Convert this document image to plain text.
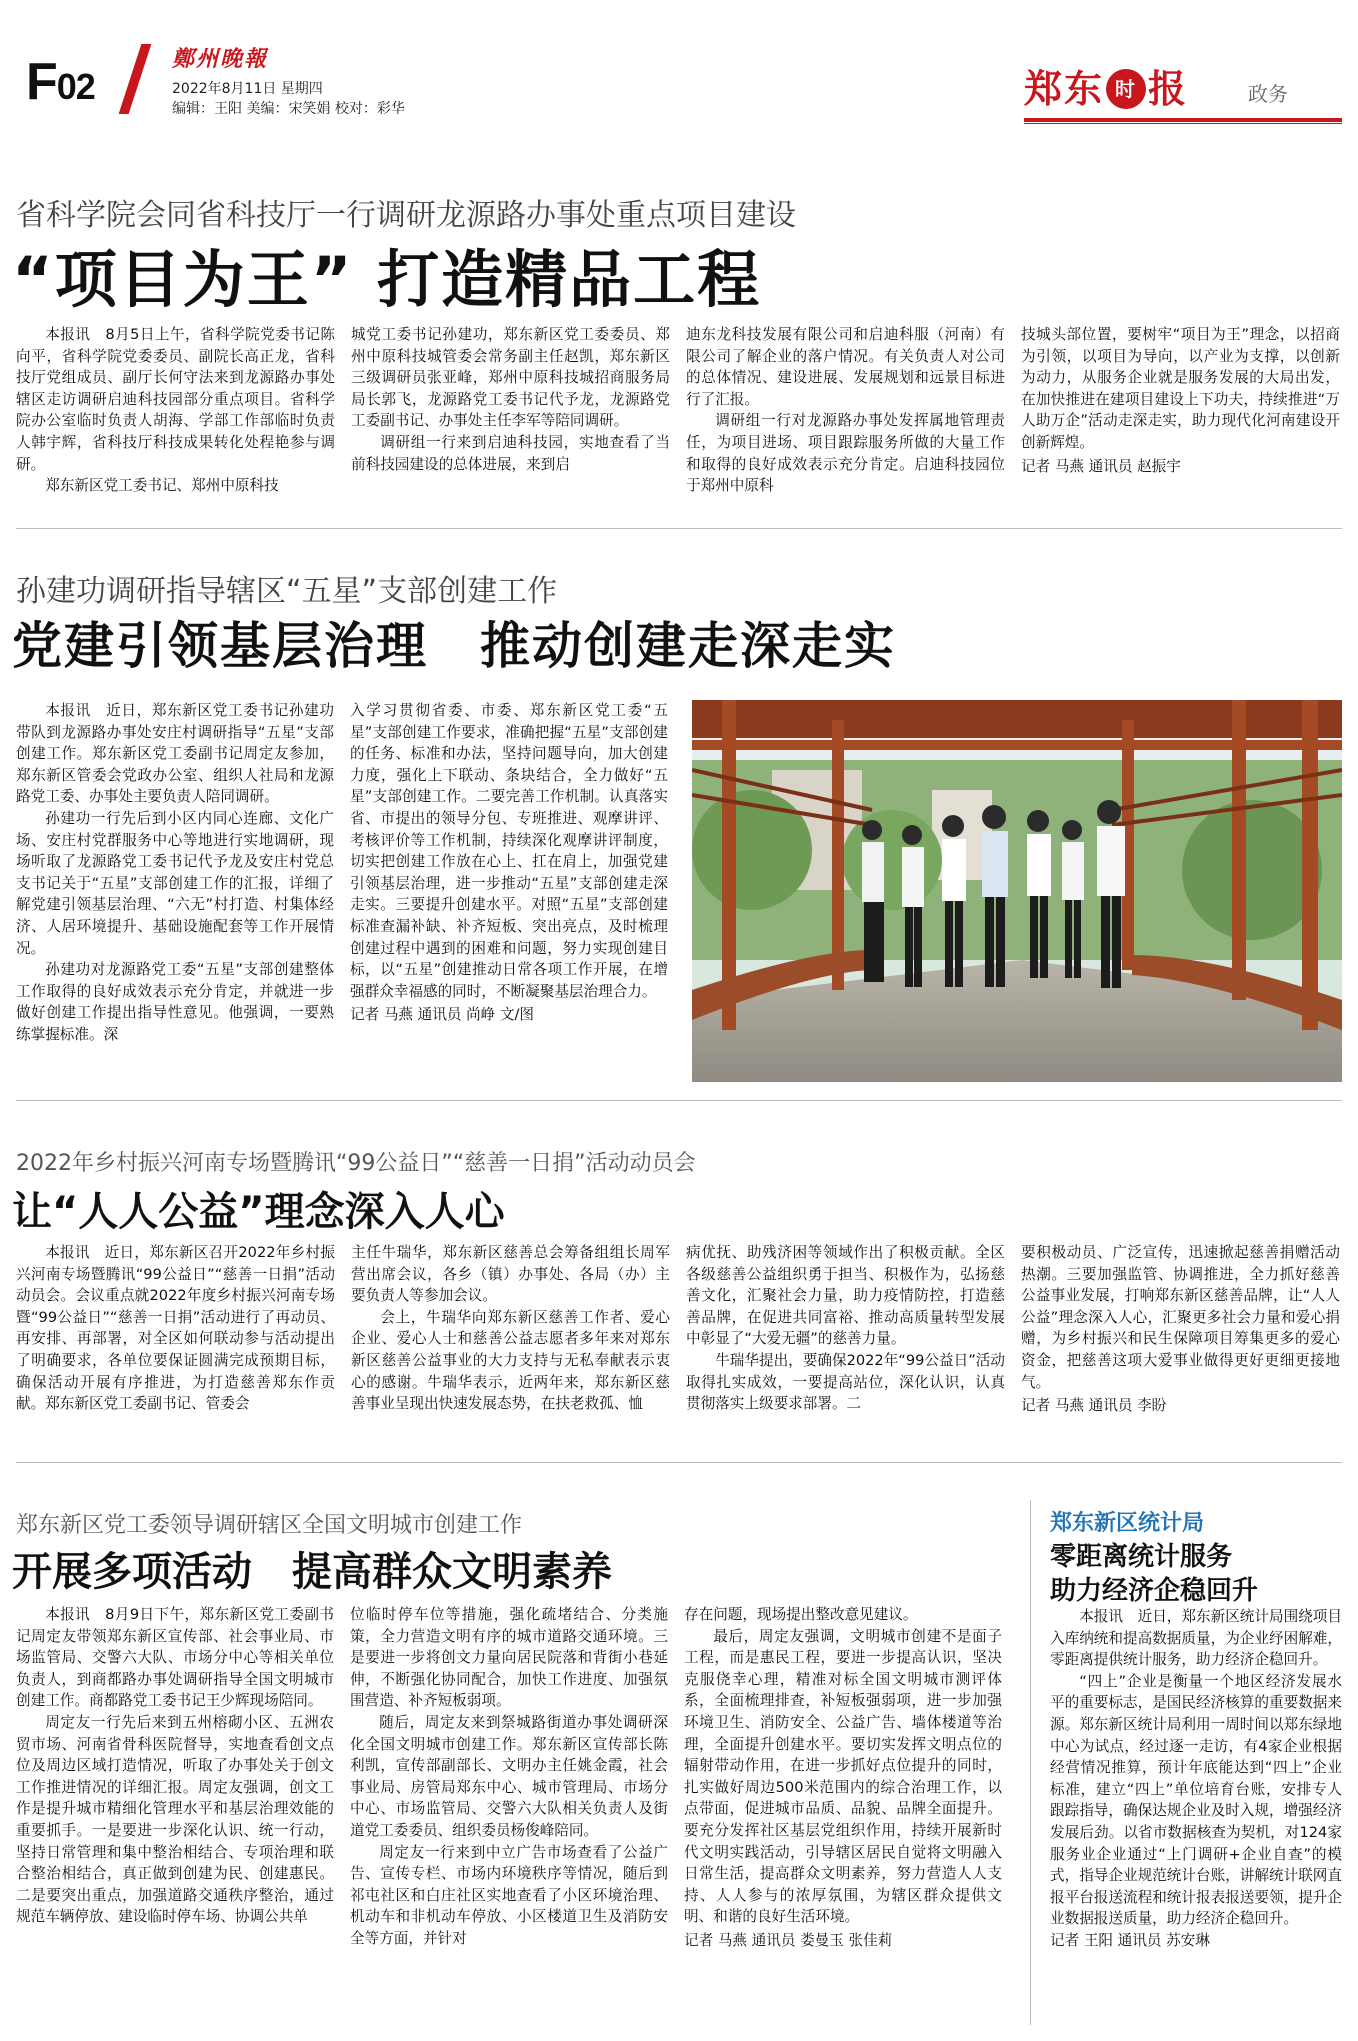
F02
鄭州晚報
2022年8月11日 星期四
编辑：王阳 美编：宋笑娟 校对：彩华	郑东 时 报	政务
省科学院会同省科技厅一行调研龙源路办事处重点项目建设
“项目为王” 打造精品工程

本报讯　8月5日上午，省科学院党委书记陈向平，省科学院党委委员、副院长高正龙，省科技厅党组成员、副厅长何守法来到龙源路办事处辖区走访调研启迪科技园部分重点项目。省科学院办公室临时负责人胡海、学部工作部临时负责人韩宇辉，省科技厅科技成果转化处程艳参与调研。

郑东新区党工委书记、郑州中原科技

城党工委书记孙建功，郑东新区党工委委员、郑州中原科技城管委会常务副主任赵凯，郑东新区三级调研员张亚峰，郑州中原科技城招商服务局局长郭飞，龙源路党工委书记代予龙，龙源路党工委副书记、办事处主任李军等陪同调研。

调研组一行来到启迪科技园，实地查看了当前科技园建设的总体进展，来到启

迪东龙科技发展有限公司和启迪科服（河南）有限公司了解企业的落户情况。有关负责人对公司的总体情况、建设进展、发展规划和远景目标进行了汇报。

调研组一行对龙源路办事处发挥属地管理责任，为项目进场、项目跟踪服务所做的大量工作和取得的良好成效表示充分肯定。启迪科技园位于郑州中原科

技城头部位置，要树牢“项目为王”理念，以招商为引领，以项目为导向，以产业为支撑，以创新为动力，从服务企业就是服务发展的大局出发，在加快推进在建项目建设上下功夫，持续推进“万人助万企”活动走深走实，助力现代化河南建设开创新辉煌。

记者 马燕 通讯员 赵振宇

孙建功调研指导辖区“五星”支部创建工作
党建引领基层治理　推动创建走深走实

本报讯　近日，郑东新区党工委书记孙建功带队到龙源路办事处安庄村调研指导“五星”支部创建工作。郑东新区党工委副书记周定友参加，郑东新区管委会党政办公室、组织人社局和龙源路党工委、办事处主要负责人陪同调研。

孙建功一行先后到小区内同心连廊、文化广场、安庄村党群服务中心等地进行实地调研，现场听取了龙源路党工委书记代予龙及安庄村党总支书记关于“五星”支部创建工作的汇报，详细了解党建引领基层治理、“六无”村打造、村集体经济、人居环境提升、基础设施配套等工作开展情况。

孙建功对龙源路党工委“五星”支部创建整体工作取得的良好成效表示充分肯定，并就进一步做好创建工作提出指导性意见。他强调，一要熟练掌握标准。深

入学习贯彻省委、市委、郑东新区党工委“五星”支部创建工作要求，准确把握“五星”支部创建的任务、标准和办法，坚持问题导向，加大创建力度，强化上下联动、条块结合，全力做好“五星”支部创建工作。二要完善工作机制。认真落实省、市提出的领导分包、专班推进、观摩讲评、考核评价等工作机制，持续深化观摩讲评制度，切实把创建工作放在心上、扛在肩上，加强党建引领基层治理，进一步推动“五星”支部创建走深走实。三要提升创建水平。对照“五星”支部创建标准查漏补缺、补齐短板、突出亮点，及时梳理创建过程中遇到的困难和问题，努力实现创建目标，以“五星”创建推动日常各项工作开展，在增强群众幸福感的同时，不断凝聚基层治理合力。

记者 马燕 通讯员 尚峥 文/图

2022年乡村振兴河南专场暨腾讯“99公益日”“慈善一日捐”活动动员会
让“人人公益”理念深入人心

本报讯　近日，郑东新区召开2022年乡村振兴河南专场暨腾讯“99公益日”“慈善一日捐”活动动员会。会议重点就2022年度乡村振兴河南专场暨“99公益日”“慈善一日捐”活动进行了再动员、再安排、再部署，对全区如何联动参与活动提出了明确要求，各单位要保证圆满完成预期目标，确保活动开展有序推进，为打造慈善郑东作贡献。郑东新区党工委副书记、管委会

主任牛瑞华，郑东新区慈善总会筹备组组长周军营出席会议，各乡（镇）办事处、各局（办）主要负责人等参加会议。

会上，牛瑞华向郑东新区慈善工作者、爱心企业、爱心人士和慈善公益志愿者多年来对郑东新区慈善公益事业的大力支持与无私奉献表示衷心的感谢。牛瑞华表示，近两年来，郑东新区慈善事业呈现出快速发展态势，在扶老救孤、恤

病优抚、助残济困等领域作出了积极贡献。全区各级慈善公益组织勇于担当、积极作为，弘扬慈善文化，汇聚社会力量，助力疫情防控，打造慈善品牌，在促进共同富裕、推动高质量转型发展中彰显了“大爱无疆”的慈善力量。

牛瑞华提出，要确保2022年“99公益日”活动取得扎实成效，一要提高站位，深化认识，认真贯彻落实上级要求部署。二

要积极动员、广泛宣传，迅速掀起慈善捐赠活动热潮。三要加强监管、协调推进，全力抓好慈善公益事业发展，打响郑东新区慈善品牌，让“人人公益”理念深入人心，汇聚更多社会力量和爱心捐赠，为乡村振兴和民生保障项目筹集更多的爱心资金，把慈善这项大爱事业做得更好更细更接地气。

记者 马燕 通讯员 李盼

郑东新区党工委领导调研辖区全国文明城市创建工作
开展多项活动　提高群众文明素养

本报讯　8月9日下午，郑东新区党工委副书记周定友带领郑东新区宣传部、社会事业局、市场监管局、交警六大队、市场分中心等相关单位负责人，到商都路办事处调研指导全国文明城市创建工作。商都路党工委书记王少辉现场陪同。

周定友一行先后来到五州榕砌小区、五洲农贸市场、河南省骨科医院督导，实地查看创文点位及周边区域打造情况，听取了办事处关于创文工作推进情况的详细汇报。周定友强调，创文工作是提升城市精细化管理水平和基层治理效能的重要抓手。一是要进一步深化认识、统一行动，坚持日常管理和集中整治相结合、专项治理和联合整治相结合，真正做到创建为民、创建惠民。二是要突出重点，加强道路交通秩序整治，通过规范车辆停放、建设临时停车场、协调公共单

位临时停车位等措施，强化疏堵结合、分类施策，全力营造文明有序的城市道路交通环境。三是要进一步将创文力量向居民院落和背街小巷延伸，不断强化协同配合，加快工作进度、加强氛围营造、补齐短板弱项。

随后，周定友来到祭城路街道办事处调研深化全国文明城市创建工作。郑东新区宣传部长陈利凯，宣传部副部长、文明办主任姚金霞，社会事业局、房管局郑东中心、城市管理局、市场分中心、市场监管局、交警六大队相关负责人及街道党工委委员、组织委员杨俊峰陪同。

周定友一行来到中立广告市场查看了公益广告、宣传专栏、市场内环境秩序等情况，随后到祁屯社区和白庄社区实地查看了小区环境治理、机动车和非机动车停放、小区楼道卫生及消防安全等方面，并针对

存在问题，现场提出整改意见建议。

最后，周定友强调，文明城市创建不是面子工程，而是惠民工程，要进一步提高认识，坚决克服侥幸心理，精准对标全国文明城市测评体系，全面梳理排查，补短板强弱项，进一步加强环境卫生、消防安全、公益广告、墙体楼道等治理，全面提升创建水平。要切实发挥文明点位的辐射带动作用，在进一步抓好点位提升的同时，扎实做好周边500米范围内的综合治理工作，以点带面，促进城市品质、品貌、品牌全面提升。要充分发挥社区基层党组织作用，持续开展新时代文明实践活动，引导辖区居民自觉将文明融入日常生活，提高群众文明素养，努力营造人人支持、人人参与的浓厚氛围，为辖区群众提供文明、和谐的良好生活环境。

记者 马燕 通讯员 娄曼玉 张佳莉

郑东新区统计局
零距离统计服务
助力经济企稳回升

本报讯　近日，郑东新区统计局围绕项目入库纳统和提高数据质量，为企业纾困解难，零距离提供统计服务，助力经济企稳回升。

“四上”企业是衡量一个地区经济发展水平的重要标志，是国民经济核算的重要数据来源。郑东新区统计局利用一周时间以郑东绿地中心为试点，经过逐一走访，有4家企业根据经营情况推算，预计年底能达到“四上”企业标准，建立“四上”单位培育台账，安排专人跟踪指导，确保达规企业及时入规，增强经济发展后劲。以省市数据核查为契机，对124家服务业企业通过“上门调研+企业自查”的模式，指导企业规范统计台账，讲解统计联网直报平台报送流程和统计报表报送要领，提升企业数据报送质量，助力经济企稳回升。

记者 王阳 通讯员 苏安琳
